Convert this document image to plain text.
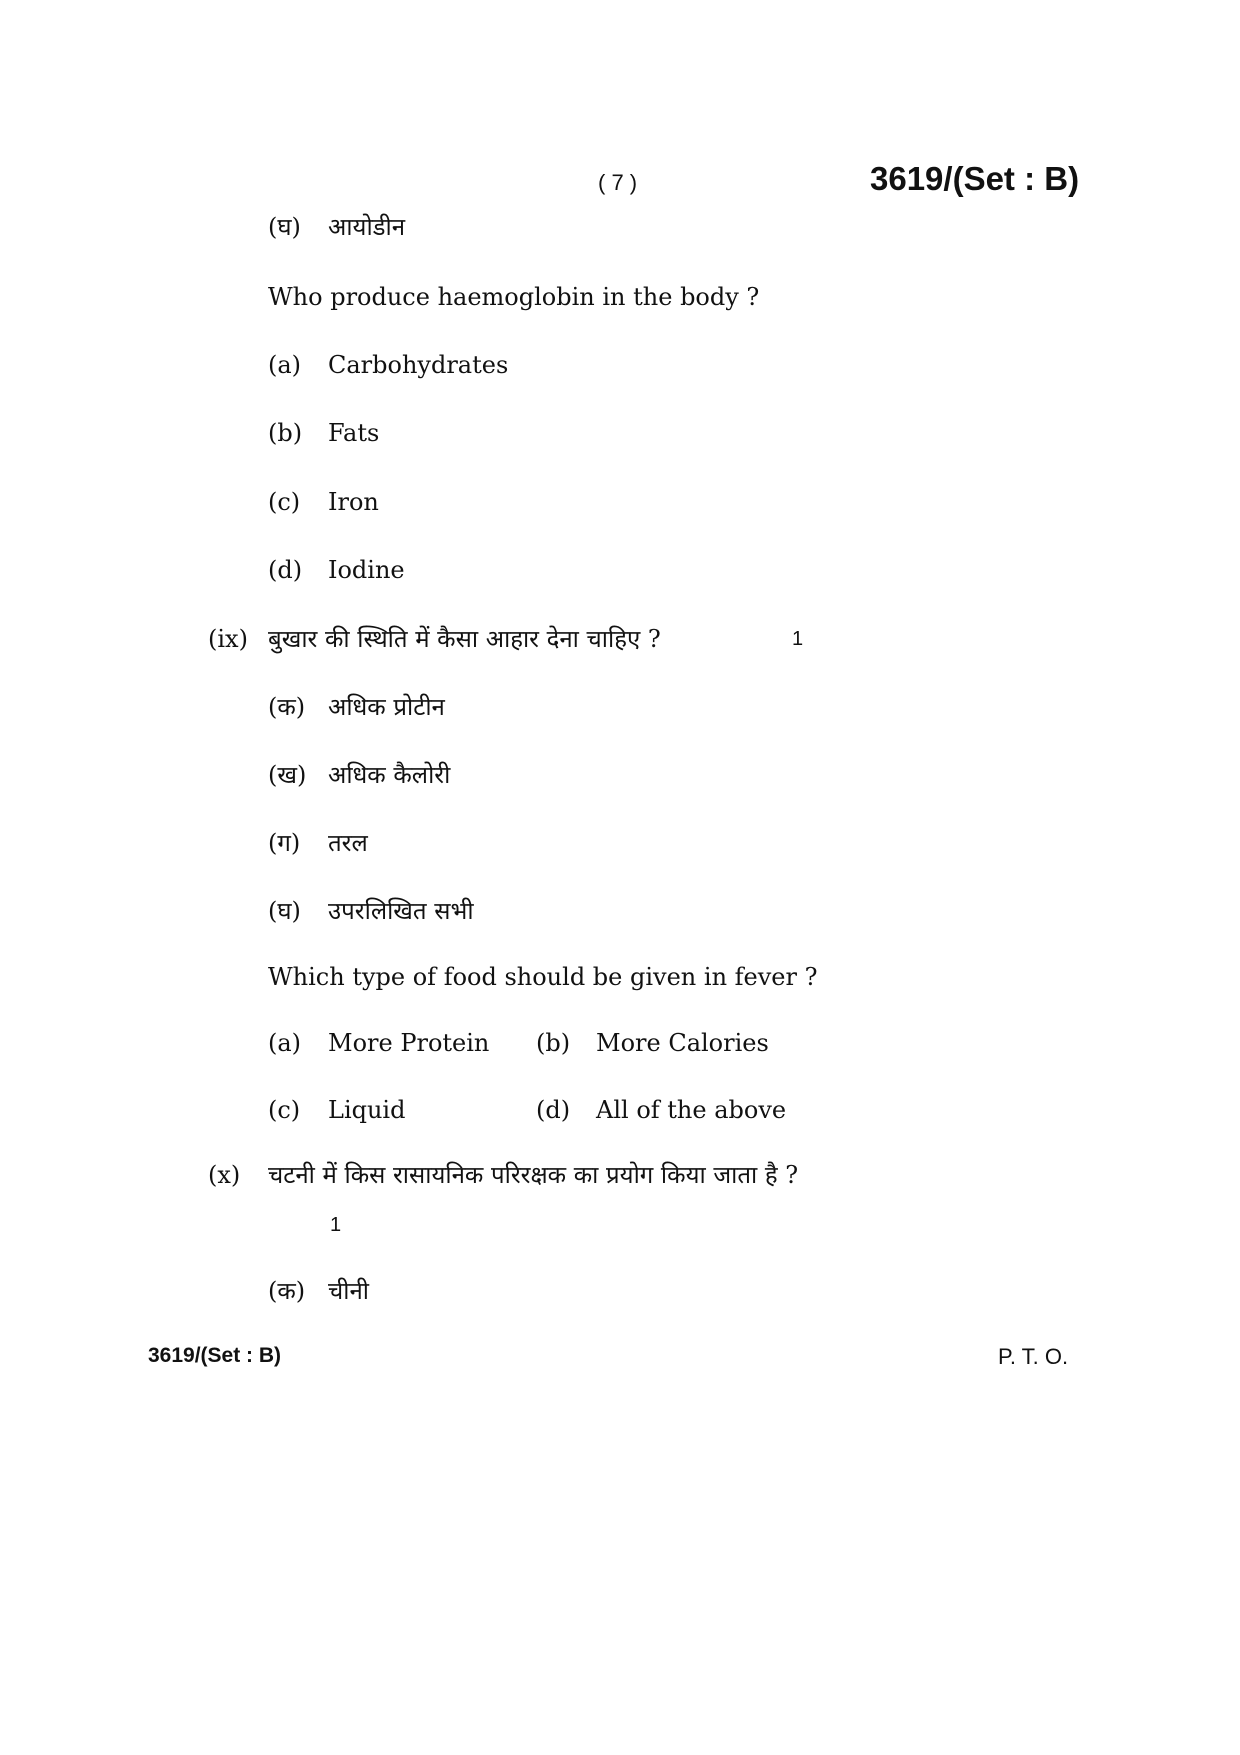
( 7 )	3619/(Set : B)
(घ) आयोडीन
Who produce haemoglobin in the body ?
(a) Carbohydrates
(b) Fats
(c) Iron
(d) Iodine
(ix) बुखार की स्थिति में कैसा आहार देना चाहिए ?	1
(क) अधिक प्रोटीन
(ख) अधिक कैलोरी
(ग) तरल
(घ) उपरलिखित सभी
Which type of food should be given in fever ?
(a) More Protein (b) More Calories
(c) Liquid	(d) All of the above
(x) चटनी में किस रासायनिक परिरक्षक का प्रयोग किया जाता है ?
1
(क) चीनी
3619/(Set : B)	P. T. O.
